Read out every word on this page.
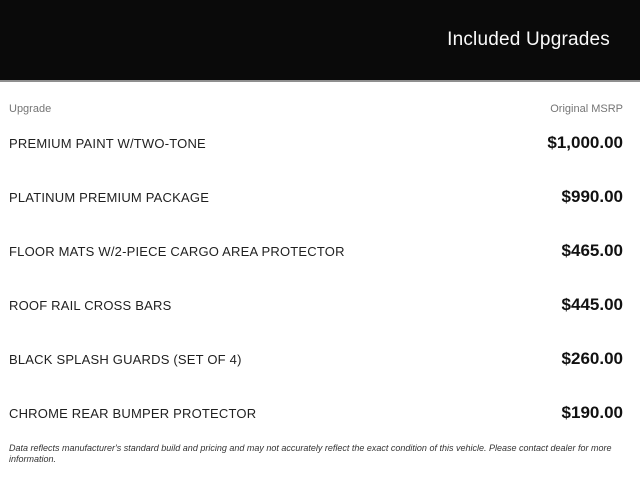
Included Upgrades
Upgrade	Original MSRP
PREMIUM PAINT W/TWO-TONE	$1,000.00
PLATINUM PREMIUM PACKAGE	$990.00
FLOOR MATS W/2-PIECE CARGO AREA PROTECTOR	$465.00
ROOF RAIL CROSS BARS	$445.00
BLACK SPLASH GUARDS (SET OF 4)	$260.00
CHROME REAR BUMPER PROTECTOR	$190.00
Data reflects manufacturer's standard build and pricing and may not accurately reflect the exact condition of this vehicle. Please contact dealer for more information.
